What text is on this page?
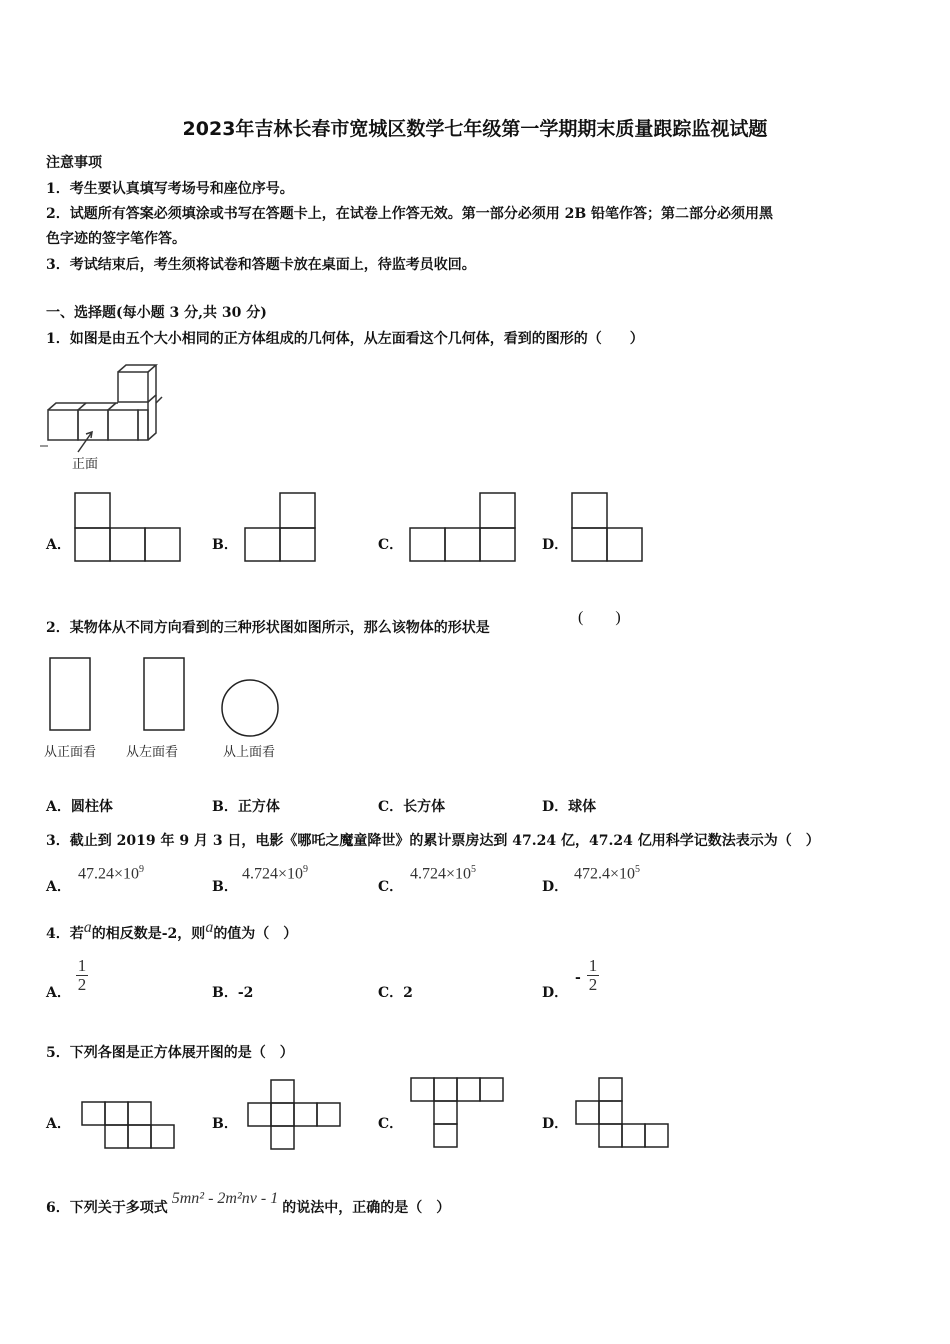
2023年吉林长春市宽城区数学七年级第一学期期末质量跟踪监视试题
注意事项
1．考生要认真填写考场号和座位序号。
2．试题所有答案必须填涂或书写在答题卡上，在试卷上作答无效。第一部分必须用 2B 铅笔作答；第二部分必须用黑
色字迹的签字笔作答。
3．考试结束后，考生须将试卷和答题卡放在桌面上，待监考员收回。
一、选择题(每小题 3 分,共 30 分)
1．如图是由五个大小相同的正方体组成的几何体，从左面看这个几何体，看到的图形的（　　）
正面
A．	B．	C．	D．
2．某物体从不同方向看到的三种形状图如图所示，那么该物体的形状是
(　　)
从正面看 从左面看	从上面看
A．圆柱体	B．正方体	C．长方体	D．球体
3．截止到 2019 年 9 月 3 日，电影《哪吒之魔童降世》的累计票房达到 47.24 亿，47.24 亿用科学记数法表示为（　）
A．
$47.24\times 10^9$
B．
$4.724\times 10^9$
C．
$4.724\times 10^5$
D．
$472.4\times 10^5$
4．若a的相反数是-2，则a的值为（　）
A．
1
2	B．-2	C．2	D．
-
1
2
5．下列各图是正方体展开图的是（　）
A．	B．	C．	D．
6．下列关于多项式5mn² - 2m²nv - 1的说法中，正确的是（　）
